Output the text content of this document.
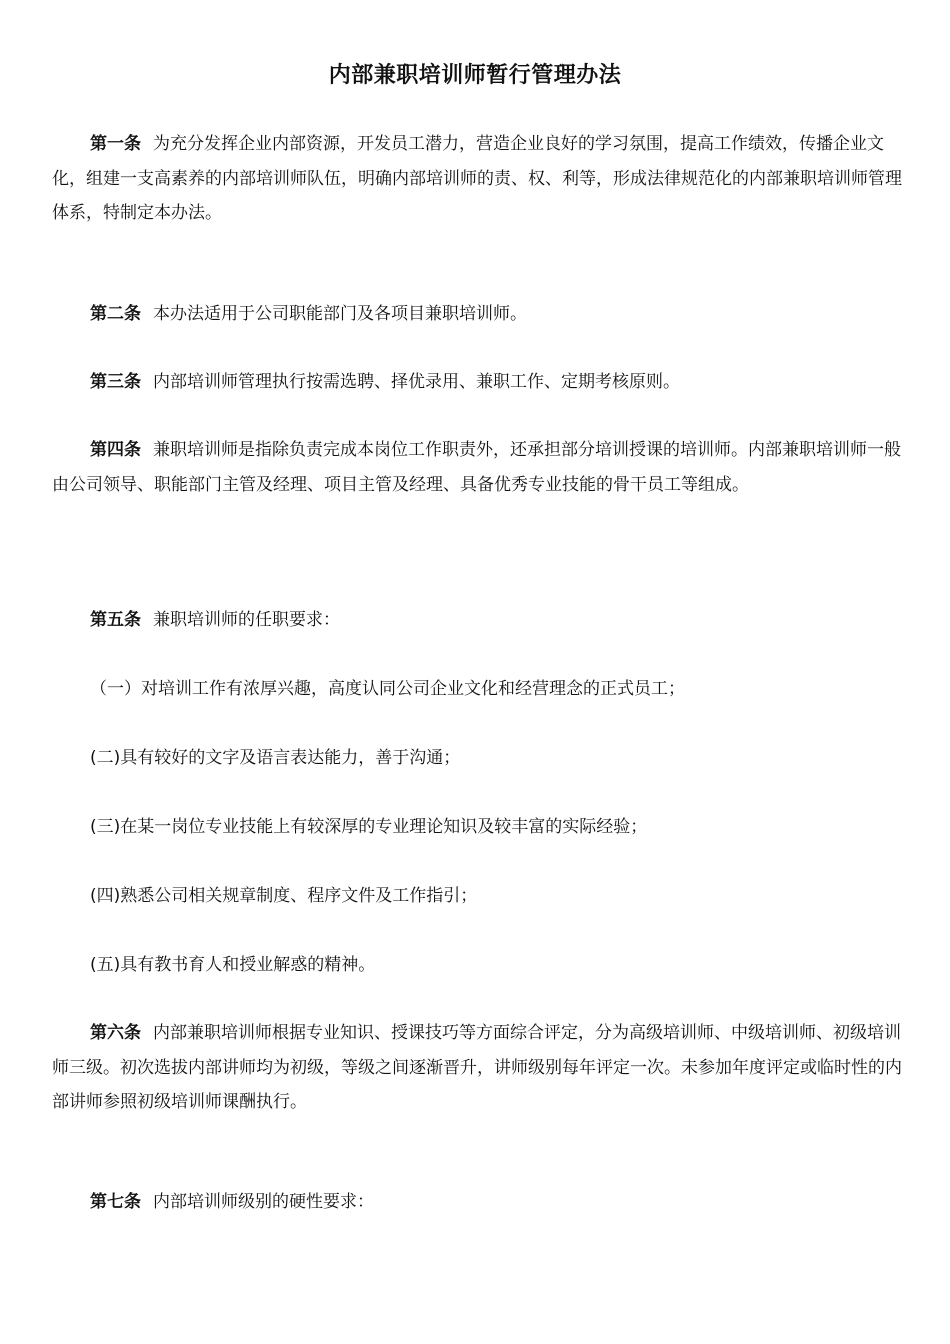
内部兼职培训师暂行管理办法

第一条 为充分发挥企业内部资源，开发员工潜力，营造企业良好的学习氛围，提高工作绩效，传播企业文化，组建一支高素养的内部培训师队伍，明确内部培训师的责、权、利等，形成法律规范化的内部兼职培训师管理体系，特制定本办法。

第二条 本办法适用于公司职能部门及各项目兼职培训师。

第三条 内部培训师管理执行按需选聘、择优录用、兼职工作、定期考核原则。

第四条 兼职培训师是指除负责完成本岗位工作职责外，还承担部分培训授课的培训师。内部兼职培训师一般由公司领导、职能部门主管及经理、项目主管及经理、具备优秀专业技能的骨干员工等组成。

第五条 兼职培训师的任职要求：

（一）对培训工作有浓厚兴趣，高度认同公司企业文化和经营理念的正式员工；

(二)具有较好的文字及语言表达能力，善于沟通；

(三)在某一岗位专业技能上有较深厚的专业理论知识及较丰富的实际经验；

(四)熟悉公司相关规章制度、程序文件及工作指引；

(五)具有教书育人和授业解惑的精神。

第六条 内部兼职培训师根据专业知识、授课技巧等方面综合评定，分为高级培训师、中级培训师、初级培训师三级。初次选拔内部讲师均为初级，等级之间逐渐晋升，讲师级别每年评定一次。未参加年度评定或临时性的内部讲师参照初级培训师课酬执行。

第七条 内部培训师级别的硬性要求：
